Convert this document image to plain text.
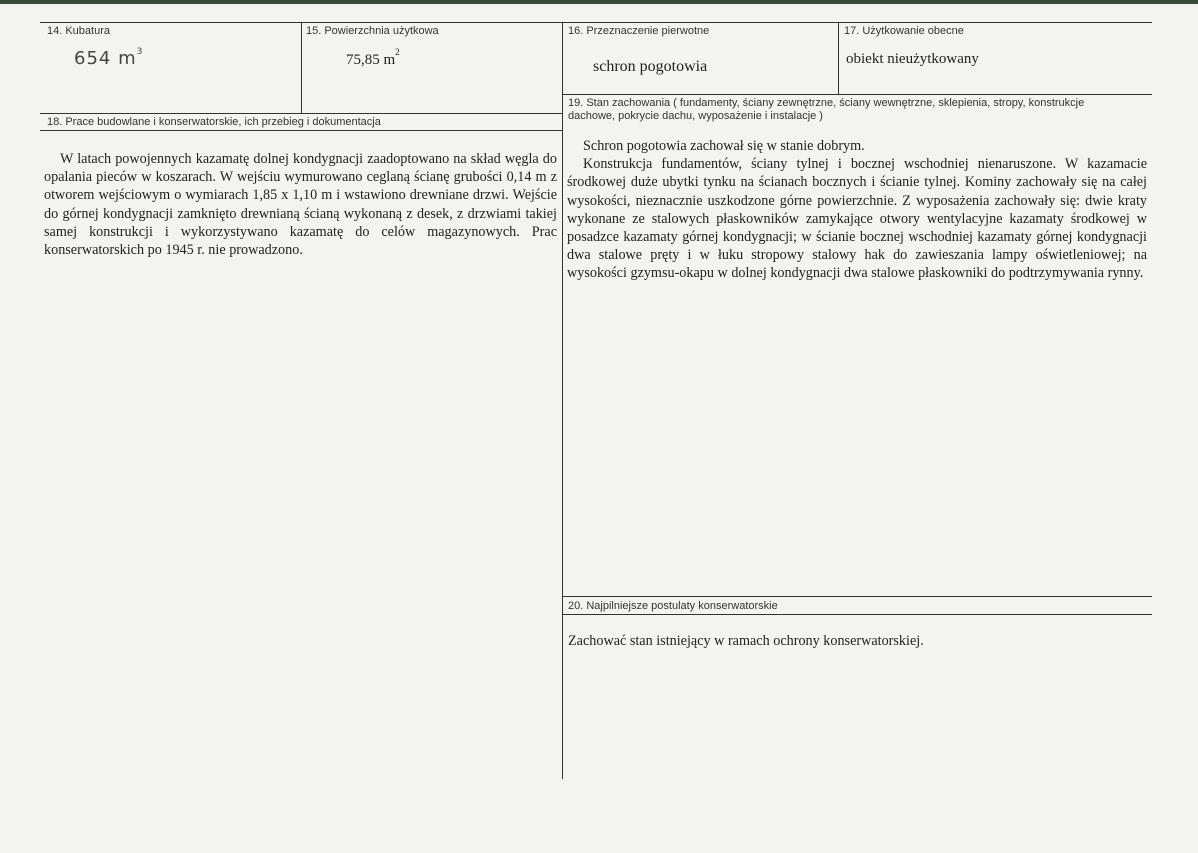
14. Kubatura
654 $m^3$
15. Powierzchnia użytkowa
75,85 $m^2$
16. Przeznaczenie pierwotne
schron pogotowia
17. Użytkowanie obecne
obiekt nieużytkowany
18. Prace budowlane i konserwatorskie, ich przebieg i dokumentacja

W latach powojennych kazamatę dolnej kondygnacji zaadoptowano na skład węgla do opalania pieców w koszarach. W wejściu wymurowano ceglaną ścianę grubości 0,14 m z otworem wejściowym o wymiarach 1,85 x 1,10 m i wstawiono drewniane drzwi. Wejście do górnej kondygnacji zamknięto drewnianą ścianą wykonaną z desek, z drzwiami takiej samej konstrukcji i wykorzystywano kazamatę do celów magazynowych. Prac konserwatorskich po 1945 r. nie prowadzono.

19. Stan zachowania ( fundamenty, ściany zewnętrzne, ściany wewnętrzne, sklepienia, stropy, konstrukcje dachowe, pokrycie dachu, wyposażenie i instalacje )

Schron pogotowia zachował się w stanie dobrym.

Konstrukcja fundamentów, ściany tylnej i bocznej wschodniej nienaruszone. W kazamacie środkowej duże ubytki tynku na ścianach bocznych i ścianie tylnej. Kominy zachowały się na całej wysokości, nieznacznie uszkodzone górne powierzchnie. Z wyposażenia zachowały się: dwie kraty wykonane ze stalowych płaskowników zamykające otwory wentylacyjne kazamaty środkowej w posadzce kazamaty górnej kondygnacji; w ścianie bocznej wschodniej kazamaty górnej kondygnacji dwa stalowe pręty i w łuku stropowy stalowy hak do zawieszania lampy oświetleniowej; na wysokości gzymsu-okapu w dolnej kondygnacji dwa stalowe płaskowniki do podtrzymywania rynny.

20. Najpilniejsze postulaty konserwatorskie
Zachować stan istniejący w ramach ochrony konserwatorskiej.
